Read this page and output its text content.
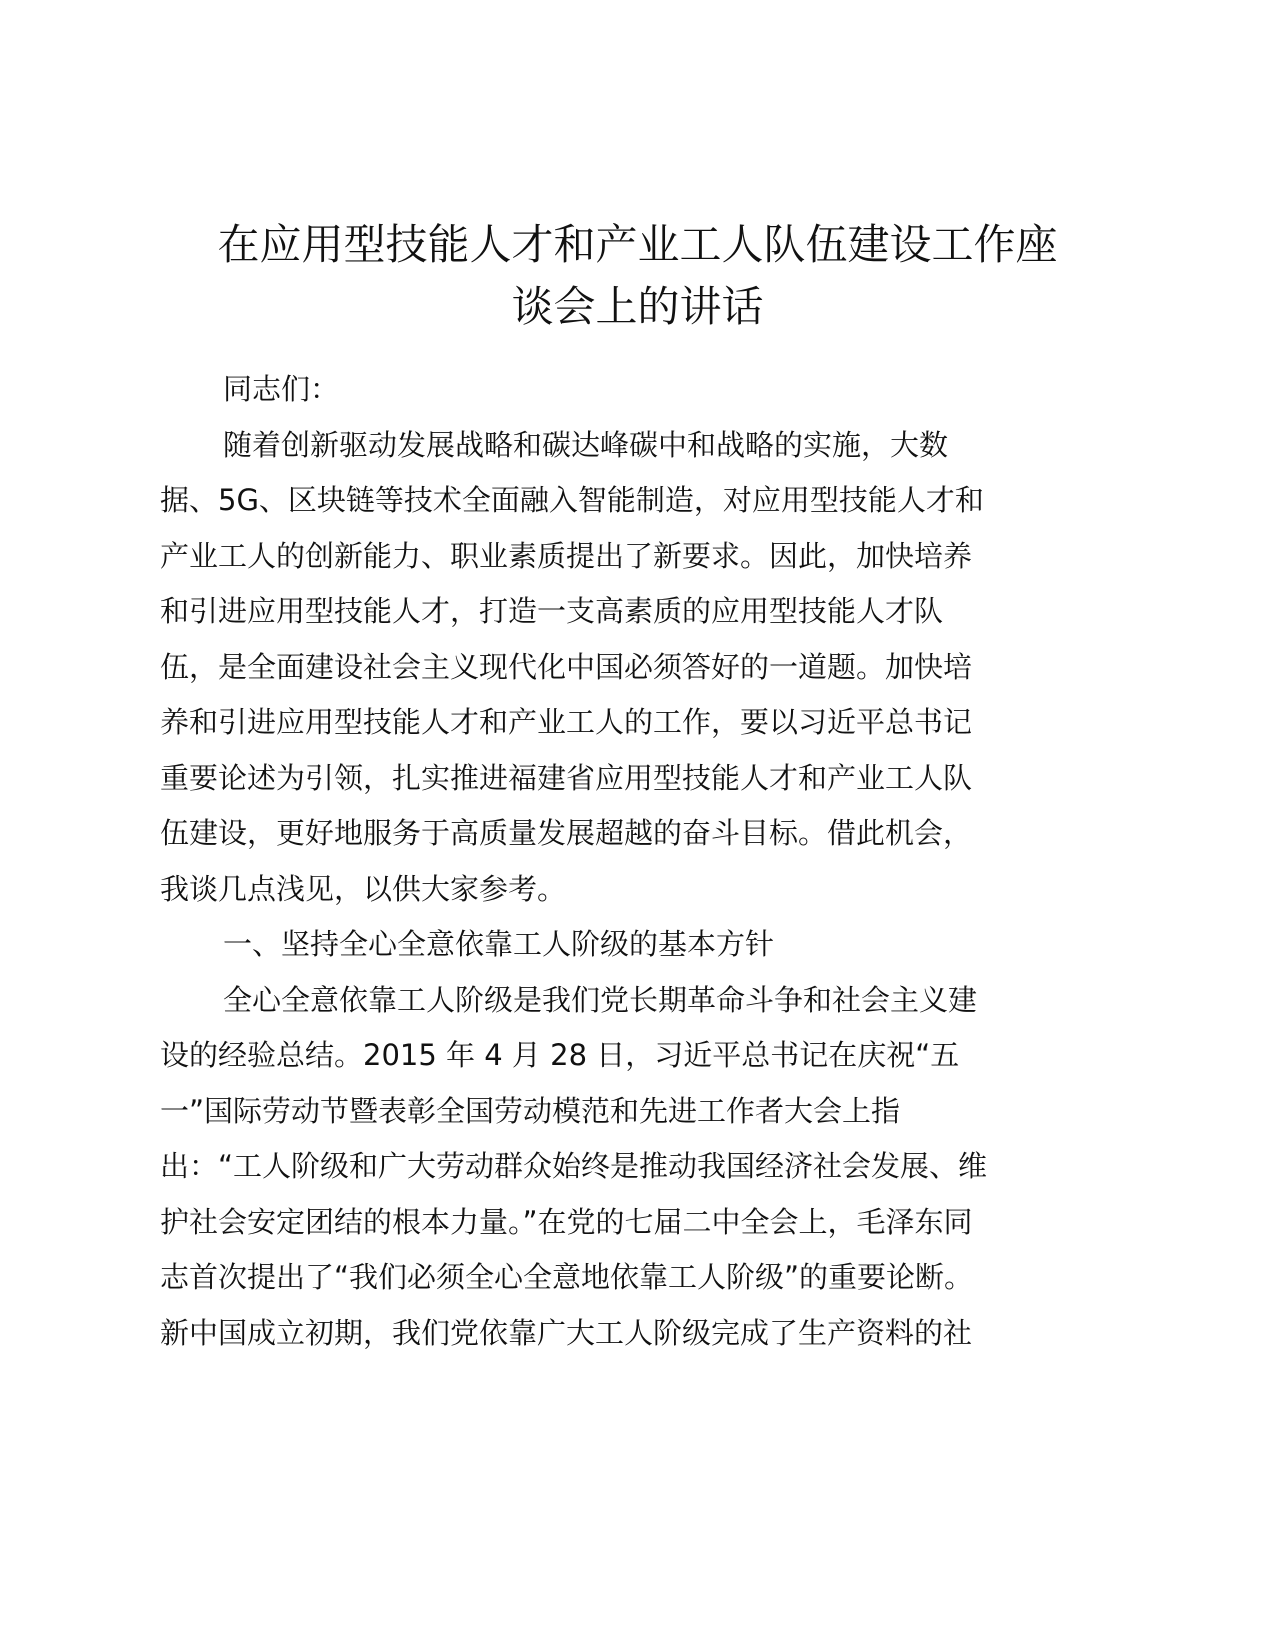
在应用型技能人才和产业工人队伍建设工作座
谈会上的讲话
同志们：
随着创新驱动发展战略和碳达峰碳中和战略的实施，大数
据、5G、区块链等技术全面融入智能制造，对应用型技能人才和
产业工人的创新能力、职业素质提出了新要求。因此，加快培养
和引进应用型技能人才，打造一支高素质的应用型技能人才队
伍，是全面建设社会主义现代化中国必须答好的一道题。加快培
养和引进应用型技能人才和产业工人的工作，要以习近平总书记
重要论述为引领，扎实推进福建省应用型技能人才和产业工人队
伍建设，更好地服务于高质量发展超越的奋斗目标。借此机会，
我谈几点浅见，以供大家参考。
一、坚持全心全意依靠工人阶级的基本方针
全心全意依靠工人阶级是我们党长期革命斗争和社会主义建
设的经验总结。2015 年 4 月 28 日，习近平总书记在庆祝“五
一”国际劳动节暨表彰全国劳动模范和先进工作者大会上指
出：“工人阶级和广大劳动群众始终是推动我国经济社会发展、维
护社会安定团结的根本力量。”在党的七届二中全会上，毛泽东同
志首次提出了“我们必须全心全意地依靠工人阶级”的重要论断。
新中国成立初期，我们党依靠广大工人阶级完成了生产资料的社
